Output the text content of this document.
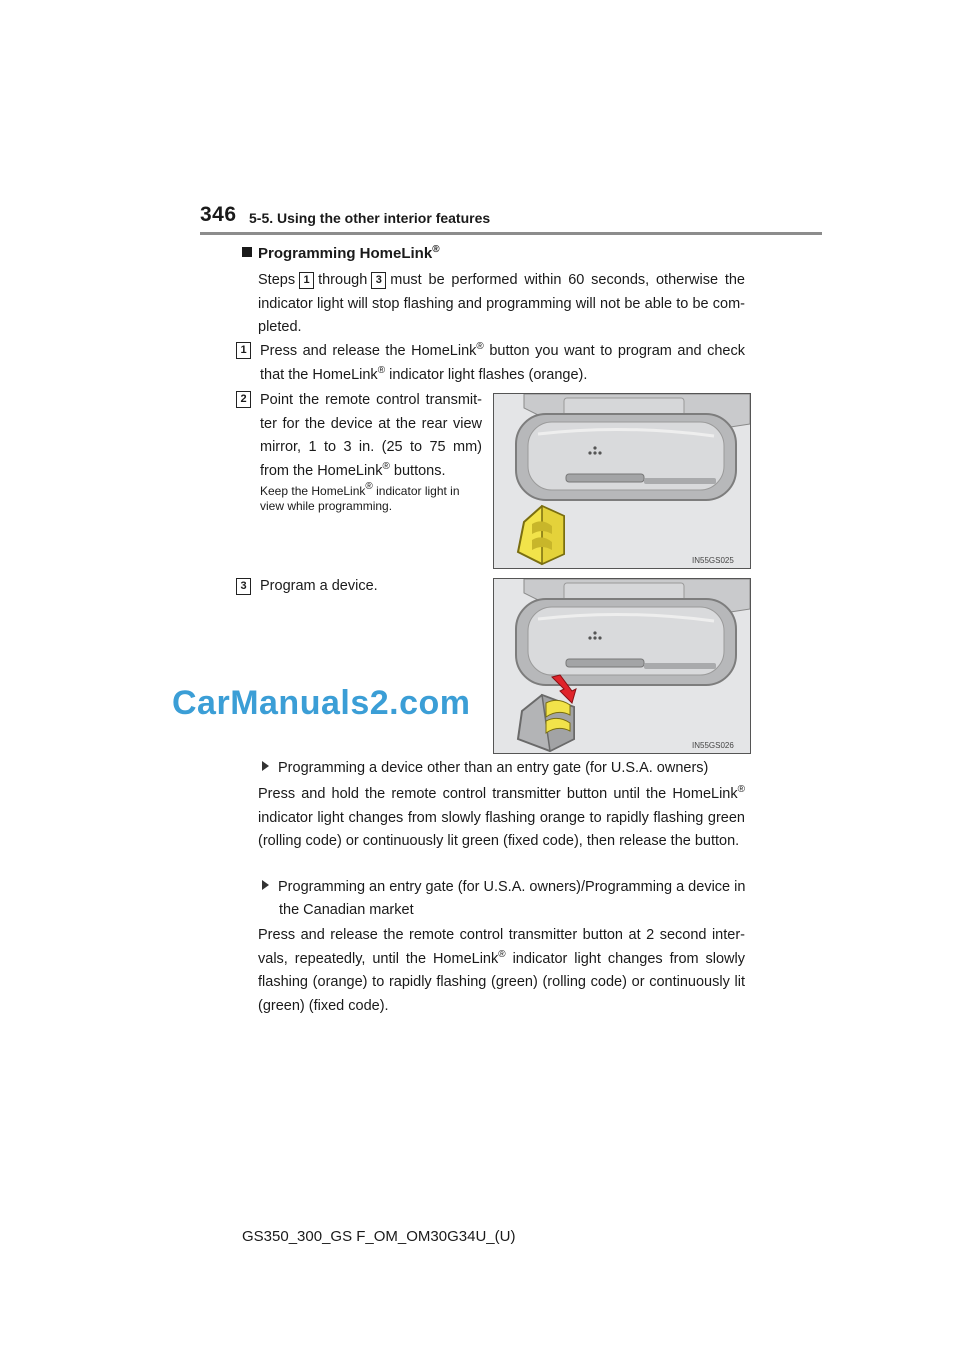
346 5-5. Using the other interior features
Programming HomeLink®
Steps 1 through 3 must be performed within 60 seconds, otherwise the indicator light will stop flashing and programming will not be able to be com- pleted.
1 Press and release the HomeLink® button you want to program and check that the HomeLink® indicator light flashes (orange).
2 Point the remote control transmit- ter for the device at the rear view mirror, 1 to 3 in. (25 to 75 mm) from the HomeLink® buttons.
Keep the HomeLink® indicator light in view while programming.
IN55GS025
3 Program a device.
IN55GS026
CarManuals2.com
Programming a device other than an entry gate (for U.S.A. owners)
Press and hold the remote control transmitter button until the HomeLink® indicator light changes from slowly flashing orange to rapidly flashing green (rolling code) or continuously lit green (fixed code), then release the button.
Programming an entry gate (for U.S.A. owners)/Programming a device in the Canadian market
Press and release the remote control transmitter button at 2 second inter- vals, repeatedly, until the HomeLink® indicator light changes from slowly flashing (orange) to rapidly flashing (green) (rolling code) or continuously lit (green) (fixed code).
GS350_300_GS F_OM_OM30G34U_(U)
